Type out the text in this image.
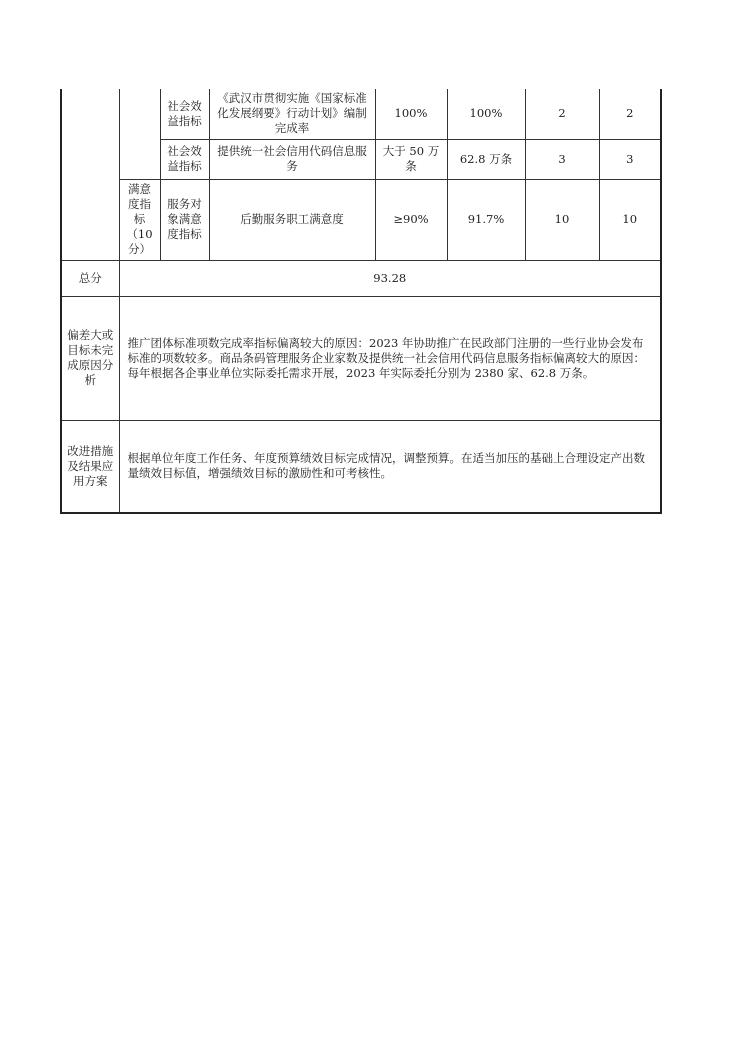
		社会效益指标	《武汉市贯彻实施《国家标准化发展纲要》行动计划》编制完成率	100%	100%	2	2
		社会效益指标	提供统一社会信用代码信息服务	大于 50 万条	62.8 万条	3	3
	满意度指标（10分）	服务对象满意度指标	后勤服务职工满意度	≥90%	91.7%	10	10
总分	93.28						
偏差大或目标未完成原因分析	推广团体标准项数完成率指标偏离较大的原因：2023 年协助推广在民政部门注册的一些行业协会发布标准的项数较多。商品条码管理服务企业家数及提供统一社会信用代码信息服务指标偏离较大的原因：每年根据各企事业单位实际委托需求开展，2023 年实际委托分别为 2380 家、62.8 万条。						
改进措施及结果应用方案	根据单位年度工作任务、年度预算绩效目标完成情况，调整预算。在适当加压的基础上合理设定产出数量绩效目标值，增强绩效目标的激励性和可考核性。						
